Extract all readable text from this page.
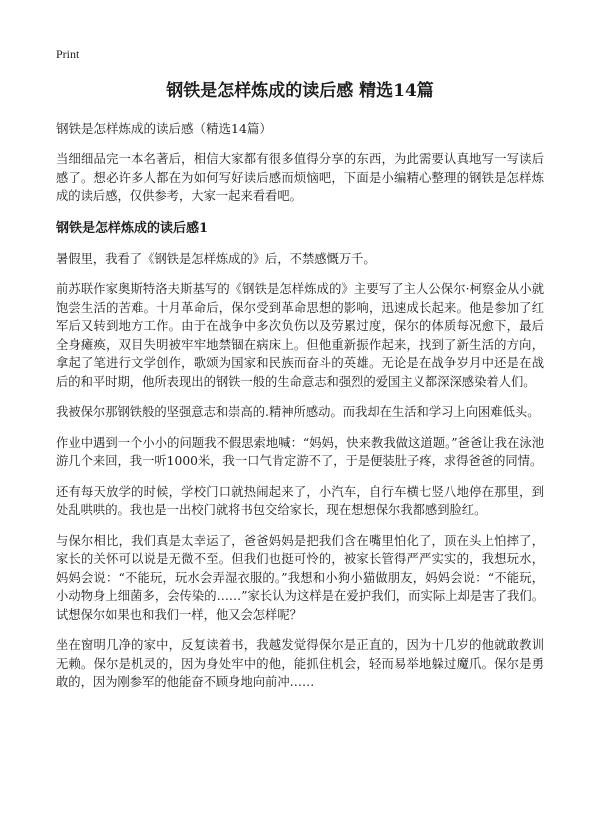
Print
钢铁是怎样炼成的读后感 精选14篇
钢铁是怎样炼成的读后感（精选14篇）

当细细品完一本名著后，相信大家都有很多值得分享的东西，为此需要认真地写一写读后感了。想必许多人都在为如何写好读后感而烦恼吧，下面是小编精心整理的钢铁是怎样炼成的读后感，仅供参考，大家一起来看看吧。

钢铁是怎样炼成的读后感1

暑假里，我看了《钢铁是怎样炼成的》后，不禁感慨万千。

前苏联作家奥斯特洛夫斯基写的《钢铁是怎样炼成的》主要写了主人公保尔·柯察金从小就饱尝生活的苦难。十月革命后，保尔受到革命思想的影响，迅速成长起来。他是参加了红军后又转到地方工作。由于在战争中多次负伤以及劳累过度，保尔的体质每况愈下，最后全身瘫痪，双目失明被牢牢地禁锢在病床上。但他重新振作起来，找到了新生活的方向，拿起了笔进行文学创作，歌颂为国家和民族而奋斗的英雄。无论是在战争岁月中还是在战后的和平时期，他所表现出的钢铁一般的生命意志和强烈的爱国主义都深深感染着人们。

我被保尔那钢铁般的坚强意志和崇高的.精神所感动。而我却在生活和学习上向困难低头。

作业中遇到一个小小的问题我不假思索地喊：“妈妈，快来教我做这道题。”爸爸让我在泳池游几个来回，我一听1000米，我一口气肯定游不了，于是便装肚子疼，求得爸爸的同情。

还有每天放学的时候，学校门口就热闹起来了，小汽车，自行车横七竖八地停在那里，到处乱哄哄的。我也是一出校门就将书包交给家长，现在想想保尔我都感到脸红。

与保尔相比，我们真是太幸运了，爸爸妈妈是把我们含在嘴里怕化了，顶在头上怕摔了，家长的关怀可以说是无微不至。但我们也挺可怜的，被家长管得严严实实的，我想玩水，妈妈会说：“不能玩，玩水会弄湿衣服的。”我想和小狗小猫做朋友，妈妈会说：“不能玩，小动物身上细菌多，会传染的……”家长认为这样是在爱护我们，而实际上却是害了我们。试想保尔如果也和我们一样，他又会怎样呢？

坐在窗明几净的家中，反复读着书，我越发觉得保尔是正直的，因为十几岁的他就敢教训无赖。保尔是机灵的，因为身处牢中的他，能抓住机会，轻而易举地躲过魔爪。保尔是勇敢的，因为刚参军的他能奋不顾身地向前冲……
